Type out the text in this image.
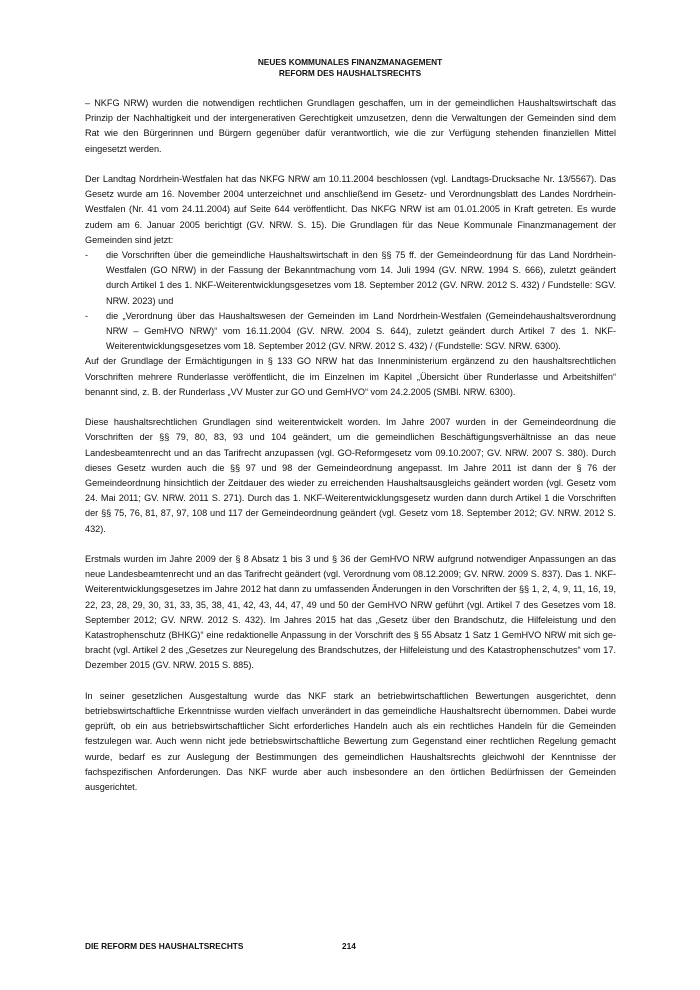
NEUES KOMMUNALES FINANZMANAGEMENT
REFORM DES HAUSHALTSRECHTS

– NKFG NRW) wurden die notwendigen rechtlichen Grundlagen geschaffen, um in der gemeindlichen Haushaltswirtschaft das Prinzip der Nachhaltigkeit und der intergenerativen Gerechtigkeit umzusetzen, denn die Verwaltungen der Gemeinden sind dem Rat wie den Bürgerinnen und Bürgern gegenüber dafür verantwortlich, wie die zur Verfügung stehenden finanziellen Mittel eingesetzt werden.

Der Landtag Nordrhein-Westfalen hat das NKFG NRW am 10.11.2004 beschlossen (vgl. Landtags-Drucksache Nr. 13/5567). Das Gesetz wurde am 16. November 2004 unterzeichnet und anschließend im Gesetz- und Verordnungsblatt des Landes Nordrhein-Westfalen (Nr. 41 vom 24.11.2004) auf Seite 644 veröffentlicht. Das NKFG NRW ist am 01.01.2005 in Kraft getreten. Es wurde zudem am 6. Januar 2005 berichtigt (GV. NRW. S. 15). Die Grundlagen für das Neue Kommunale Finanzmanagement der Gemeinden sind jetzt:

- die Vorschriften über die gemeindliche Haushaltswirtschaft in den §§ 75 ff. der Gemeindeordnung für das Land Nordrhein-Westfalen (GO NRW) in der Fassung der Bekanntmachung vom 14. Juli 1994 (GV. NRW. 1994 S. 666), zuletzt geändert durch Artikel 1 des 1. NKF-Weiterentwicklungsgesetzes vom 18. September 2012 (GV. NRW. 2012 S. 432) / Fundstelle: SGV. NRW. 2023) und
- die „Verordnung über das Haushaltswesen der Gemeinden im Land Nordrhein-Westfalen (Gemeindehaushaltsverordnung NRW – GemHVO NRW)“ vom 16.11.2004 (GV. NRW. 2004 S. 644), zuletzt geändert durch Artikel 7 des 1. NKF-Weiterentwicklungsgesetzes vom 18. September 2012 (GV. NRW. 2012 S. 432) / (Fundstelle: SGV. NRW. 6300).

Auf der Grundlage der Ermächtigungen in § 133 GO NRW hat das Innenministerium ergänzend zu den haushaltsrechtlichen Vorschriften mehrere Runderlasse veröffentlicht, die im Einzelnen im Kapitel „Übersicht über Runderlasse und Arbeitshilfen“ benannt sind, z. B. der Runderlass „VV Muster zur GO und GemHVO“ vom 24.2.2005 (SMBl. NRW. 6300).

Diese haushaltsrechtlichen Grundlagen sind weiterentwickelt worden. Im Jahre 2007 wurden in der Gemeindeordnung die Vorschriften der §§ 79, 80, 83, 93 und 104 geändert, um die gemeindlichen Beschäftigungsverhältnisse an das neue Landesbeamtenrecht und an das Tarifrecht anzupassen (vgl. GO-Reformgesetz vom 09.10.2007; GV. NRW. 2007 S. 380). Durch dieses Gesetz wurden auch die §§ 97 und 98 der Gemeindeordnung angepasst. Im Jahre 2011 ist dann der § 76 der Gemeindeordnung hinsichtlich der Zeitdauer des wieder zu erreichenden Haushaltsausgleichs geändert worden (vgl. Gesetz vom 24. Mai 2011; GV. NRW. 2011 S. 271). Durch das 1. NKF-Weiterentwicklungsgesetz wurden dann durch Artikel 1 die Vorschriften der §§ 75, 76, 81, 87, 97, 108 und 117 der Gemeindeordnung geändert (vgl. Gesetz vom 18. September 2012; GV. NRW. 2012 S. 432).

Erstmals wurden im Jahre 2009 der § 8 Absatz 1 bis 3 und § 36 der GemHVO NRW aufgrund notwendiger Anpassungen an das neue Landesbeamtenrecht und an das Tarifrecht geändert (vgl. Verordnung vom 08.12.2009; GV. NRW. 2009 S. 837). Das 1. NKF-Weiterentwicklungsgesetzes im Jahre 2012 hat dann zu umfassenden Änderungen in den Vorschriften der §§ 1, 2, 4, 9, 11, 16, 19, 22, 23, 28, 29, 30, 31, 33, 35, 38, 41, 42, 43, 44, 47, 49 und 50 der GemHVO NRW geführt (vgl. Artikel 7 des Gesetzes vom 18. September 2012; GV. NRW. 2012 S. 432). Im Jahres 2015 hat das „Gesetz über den Brandschutz, die Hilfeleistung und den Katastrophenschutz (BHKG)“ eine redaktionelle Anpassung in der Vorschrift des § 55 Absatz 1 Satz 1 GemHVO NRW mit sich gebracht (vgl. Artikel 2 des „Gesetzes zur Neuregelung des Brandschutzes, der Hilfeleistung und des Katastrophenschutzes“ vom 17. Dezember 2015 (GV. NRW. 2015 S. 885).

In seiner gesetzlichen Ausgestaltung wurde das NKF stark an betriebwirtschaftlichen Bewertungen ausgerichtet, denn betriebswirtschaftliche Erkenntnisse wurden vielfach unverändert in das gemeindliche Haushaltsrecht übernommen. Dabei wurde geprüft, ob ein aus betriebswirtschaftlicher Sicht erforderliches Handeln auch als ein rechtliches Handeln für die Gemeinden festzulegen war. Auch wenn nicht jede betriebswirtschaftliche Bewertung zum Gegenstand einer rechtlichen Regelung gemacht wurde, bedarf es zur Auslegung der Bestimmungen des gemeindlichen Haushaltsrechts gleichwohl der Kenntnisse der fachspezifischen Anforderungen. Das NKF wurde aber auch insbesondere an den örtlichen Bedürfnissen der Gemeinden ausgerichtet.

DIE REFORM DES HAUSHALTSRECHTS	214
